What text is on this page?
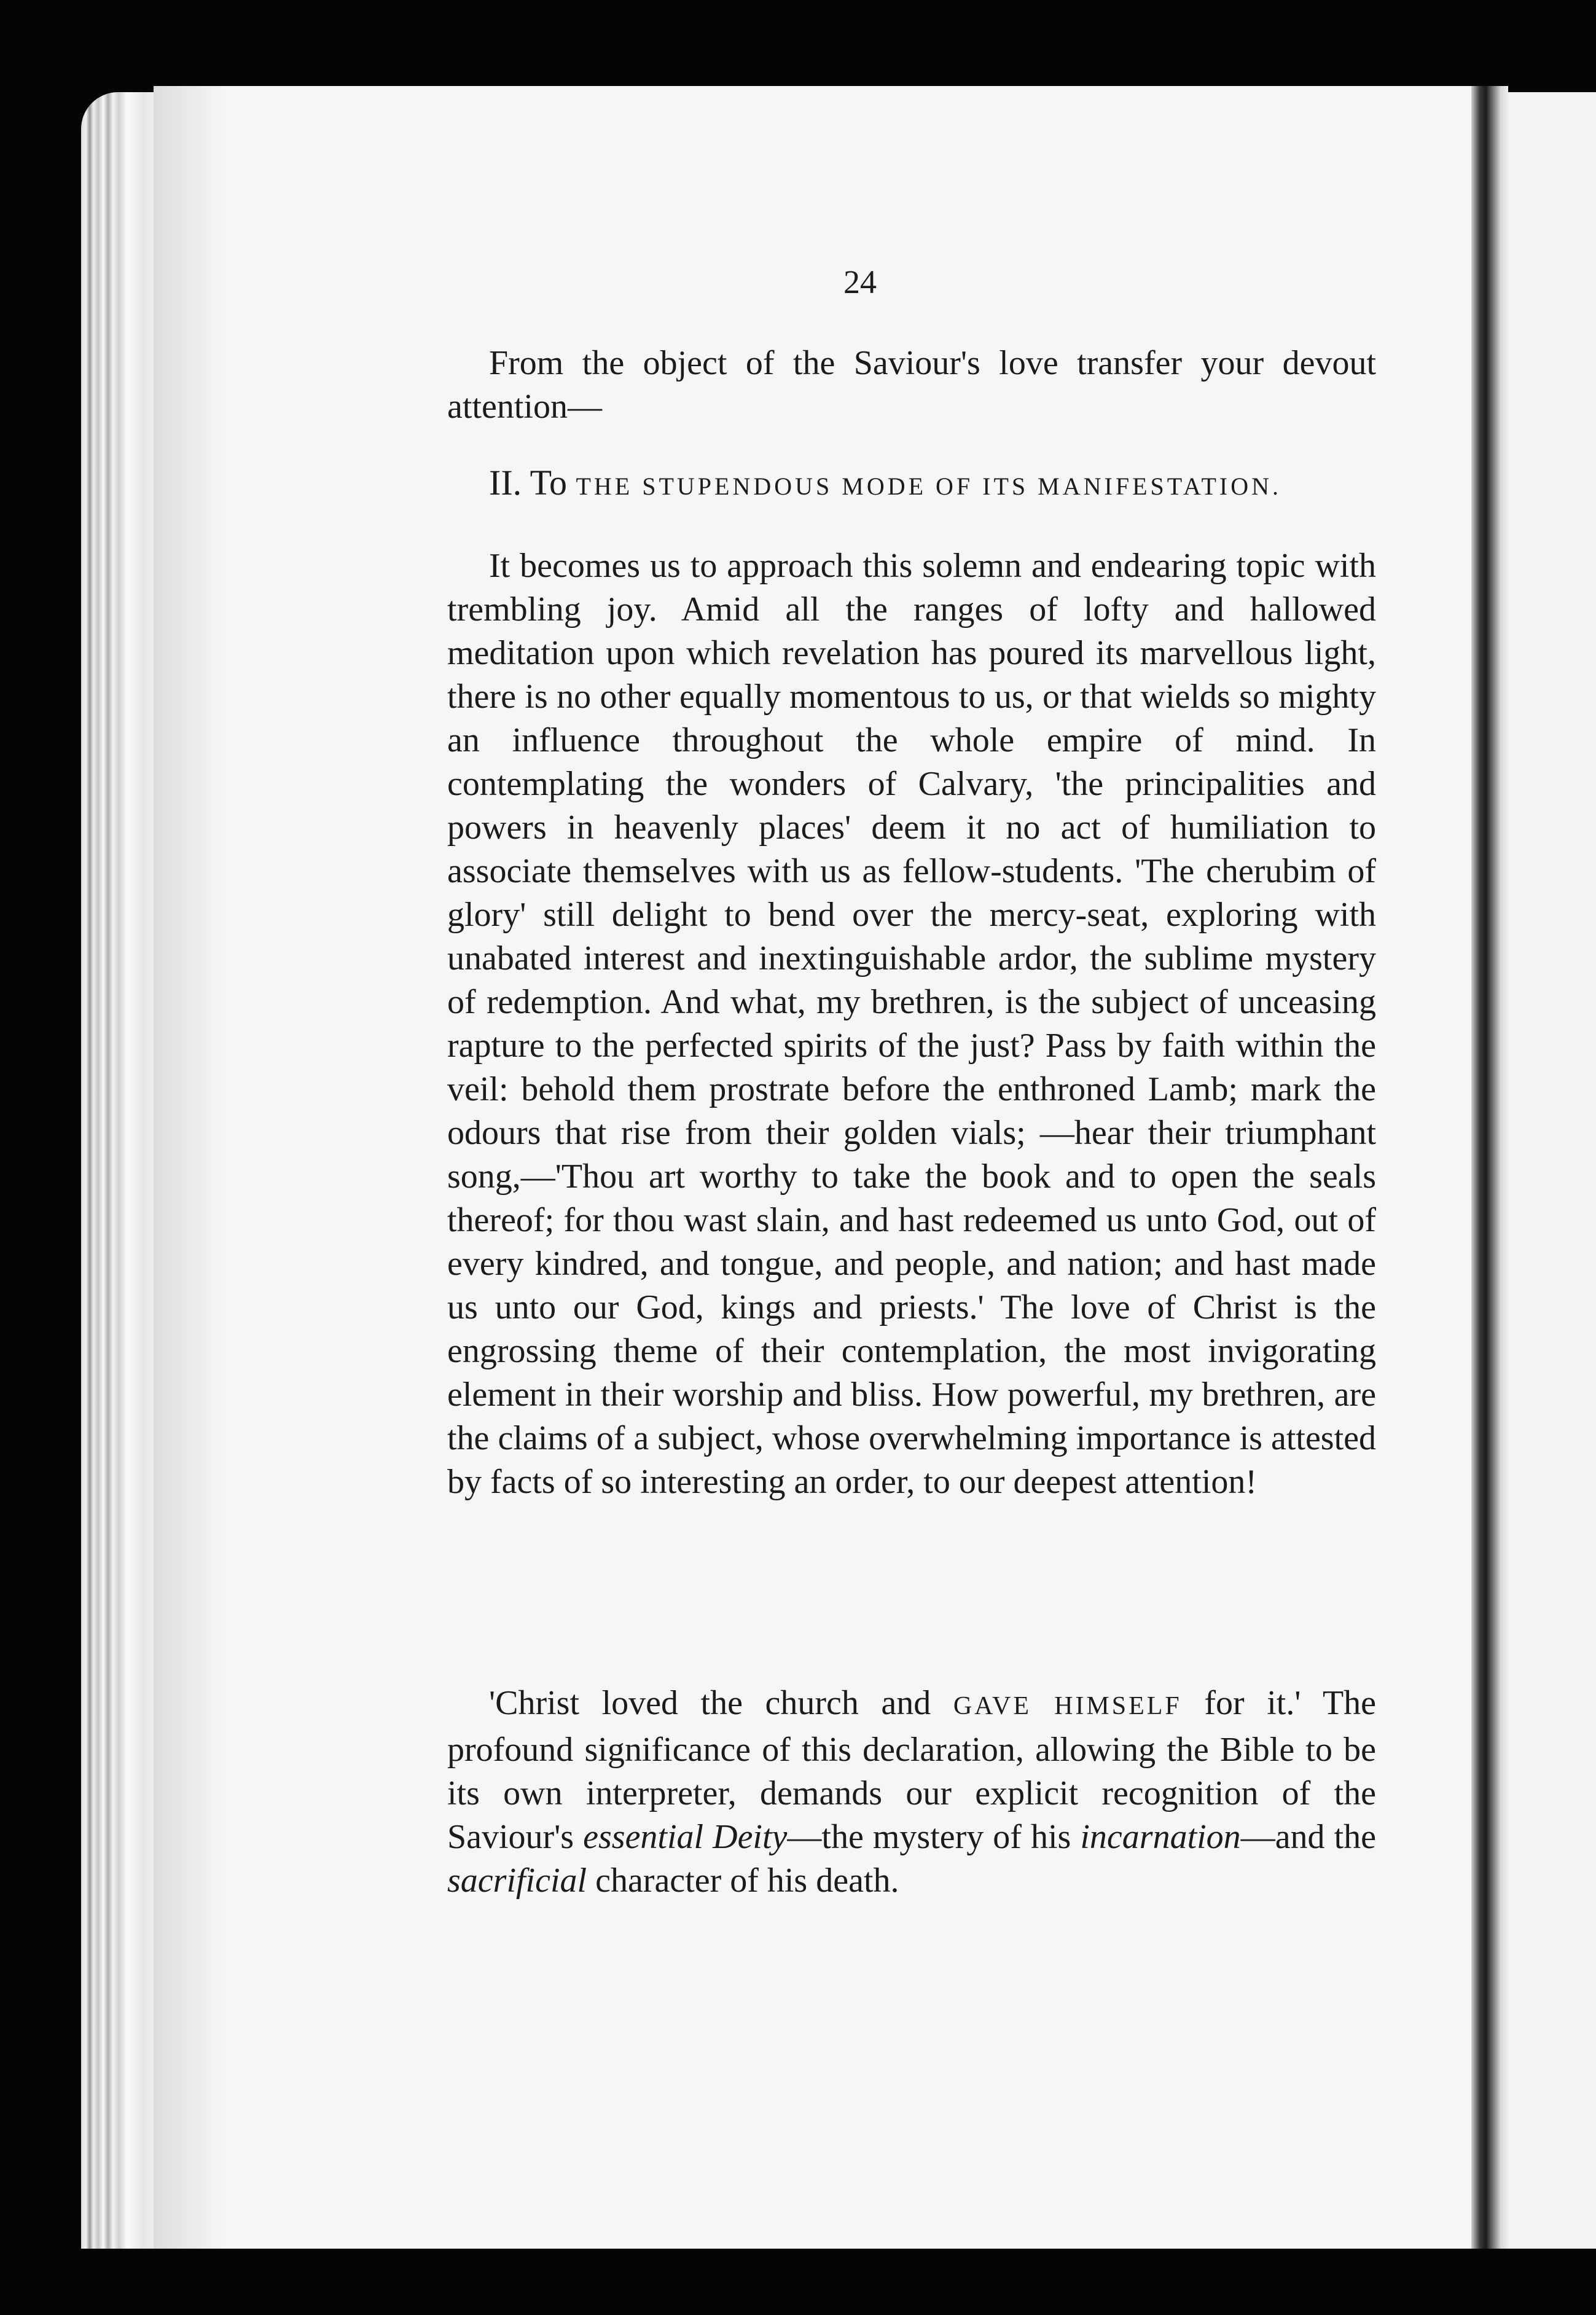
24

From the object of the Saviour's love transfer your devout attention—

II. To THE STUPENDOUS MODE OF ITS MANIFESTATION.

It becomes us to approach this solemn and endearing topic with trembling joy. Amid all the ranges of lofty and hallowed meditation upon which revelation has poured its marvellous light, there is no other equally momentous to us, or that wields so mighty an influence throughout the whole empire of mind. In contemplating the wonders of Calvary, 'the principalities and powers in heavenly places' deem it no act of humiliation to associate themselves with us as fellow-students. 'The cherubim of glory' still delight to bend over the mercy-seat, exploring with unabated interest and inextinguishable ardor, the sublime mystery of redemption. And what, my brethren, is the subject of unceasing rapture to the perfected spirits of the just? Pass by faith within the veil: behold them prostrate before the enthroned Lamb; mark the odours that rise from their golden vials; —hear their triumphant song,—'Thou art worthy to take the book and to open the seals thereof; for thou wast slain, and hast redeemed us unto God, out of every kindred, and tongue, and people, and nation; and hast made us unto our God, kings and priests.' The love of Christ is the engrossing theme of their contemplation, the most invigorating element in their worship and bliss. How powerful, my brethren, are the claims of a subject, whose overwhelming importance is attested by facts of so interesting an order, to our deepest attention!

'Christ loved the church and GAVE HIMSELF for it.' The profound significance of this declaration, allowing the Bible to be its own interpreter, demands our explicit recognition of the Saviour's essential Deity—the mystery of his incarnation—and the sacrificial character of his death.
